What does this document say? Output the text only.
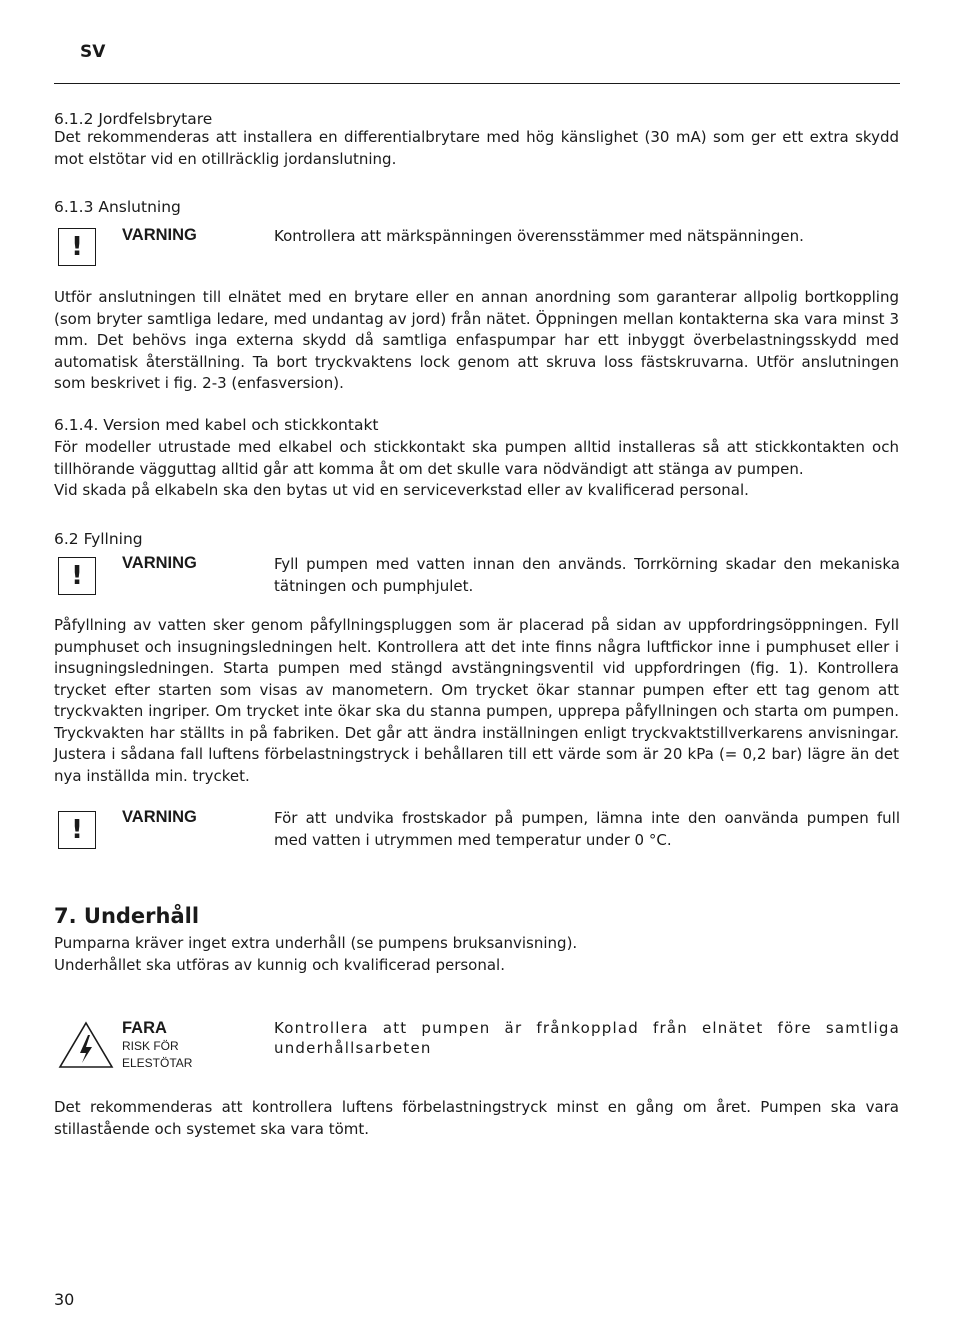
SV
6.1.2 Jordfelsbrytare
Det rekommenderas att installera en differentialbrytare med hög känslighet (30 mA) som ger ett extra skydd mot elstötar vid en otillräcklig jordanslutning.
6.1.3 Anslutning
!	VARNING	Kontrollera att märkspänningen överensstämmer med nätspänningen.
Utför anslutningen till elnätet med en brytare eller en annan anordning som garanterar allpolig bortkoppling (som bryter samtliga ledare, med undantag av jord) från nätet. Öppningen mellan kontakterna ska vara minst 3 mm. Det behövs inga externa skydd då samtliga enfaspumpar har ett inbyggt överbelastningsskydd med automatisk återställning. Ta bort tryckvaktens lock genom att skruva loss fästskruvarna. Utför anslutningen som beskrivet i fig. 2-3 (enfasversion).
6.1.4. Version med kabel och stickkontakt

För modeller utrustade med elkabel och stickkontakt ska pumpen alltid installeras så att stickkontakten och tillhörande vägguttag alltid går att komma åt om det skulle vara nödvändigt att stänga av pumpen.

Vid skada på elkabeln ska den bytas ut vid en serviceverkstad eller av kvalificerad personal.

6.2 Fyllning
!	VARNING	Fyll pumpen med vatten innan den används. Torrkörning skadar den mekaniska tätningen och pumphjulet.
Påfyllning av vatten sker genom påfyllningspluggen som är placerad på sidan av uppfordringsöppningen. Fyll pumphuset och insugningsledningen helt. Kontrollera att det inte finns några luftfickor inne i pumphuset eller i insugningsledningen. Starta pumpen med stängd avstängningsventil vid uppfordringen (fig. 1). Kontrollera trycket efter starten som visas av manometern. Om trycket ökar stannar pumpen efter ett tag genom att tryckvakten ingriper. Om trycket inte ökar ska du stanna pumpen, upprepa påfyllningen och starta om pumpen. Tryckvakten har ställts in på fabriken. Det går att ändra inställningen enligt tryckvaktstillverkarens anvisningar. Justera i sådana fall luftens förbelastningstryck i behållaren till ett värde som är 20 kPa (= 0,2 bar) lägre än det nya inställda min. trycket.
!	VARNING	För att undvika frostskador på pumpen, lämna inte den oanvända pumpen full med vatten i utrymmen med temperatur under 0 °C.
7. Underhåll

Pumparna kräver inget extra underhåll (se pumpens bruksanvisning).

Underhållet ska utföras av kunnig och kvalificerad personal.

FARA
RISK FÖR
ELESTÖTAR
Kontrollera att pumpen är frånkopplad från elnätet före samtliga underhållsarbeten
Det rekommenderas att kontrollera luftens förbelastningstryck minst en gång om året. Pumpen ska vara stillastående och systemet ska vara tömt.
30
